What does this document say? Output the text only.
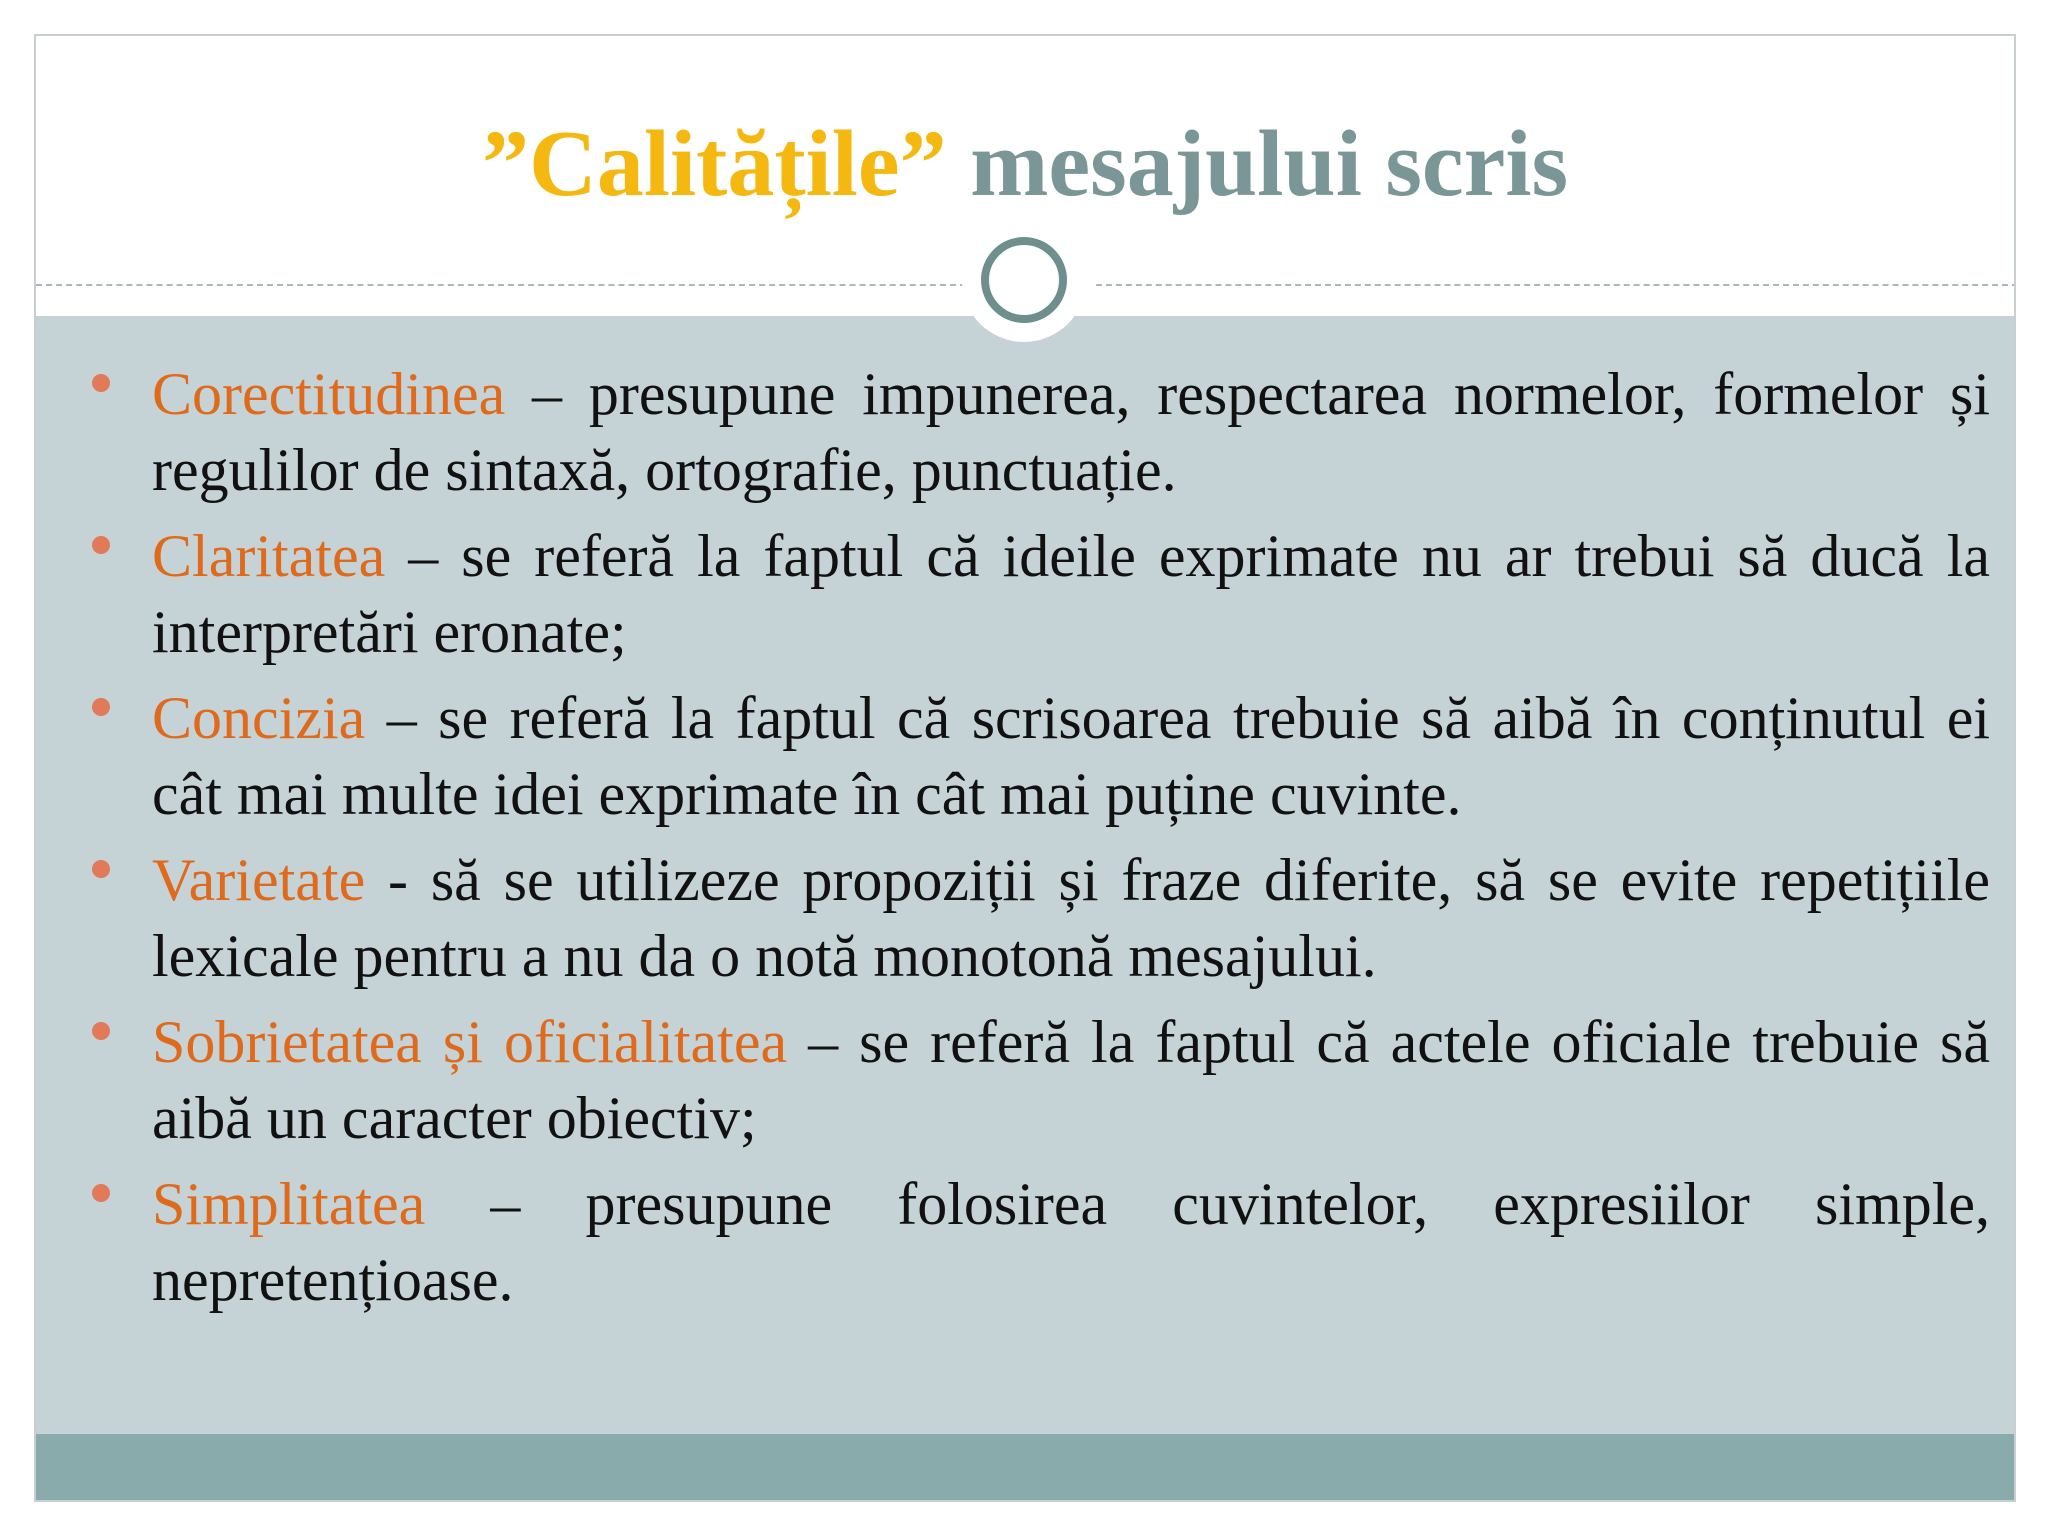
”Calitățile” mesajului scris
Corectitudinea – presupune impunerea, respectarea normelor, formelor și regulilor de sintaxă, ortografie, punctuație.
Claritatea – se referă la faptul că ideile exprimate nu ar trebui să ducă la interpretări eronate;
Concizia – se referă la faptul că scrisoarea trebuie să aibă în conținutul ei cât mai multe idei exprimate în cât mai puține cuvinte.
Varietate - să se utilizeze propoziții și fraze diferite, să se evite repetițiile lexicale pentru a nu da o notă monotonă mesajului.
Sobrietatea și oficialitatea – se referă la faptul că actele oficiale trebuie să aibă un caracter obiectiv;
Simplitatea – presupune folosirea cuvintelor, expresiilor simple, nepretențioase.
